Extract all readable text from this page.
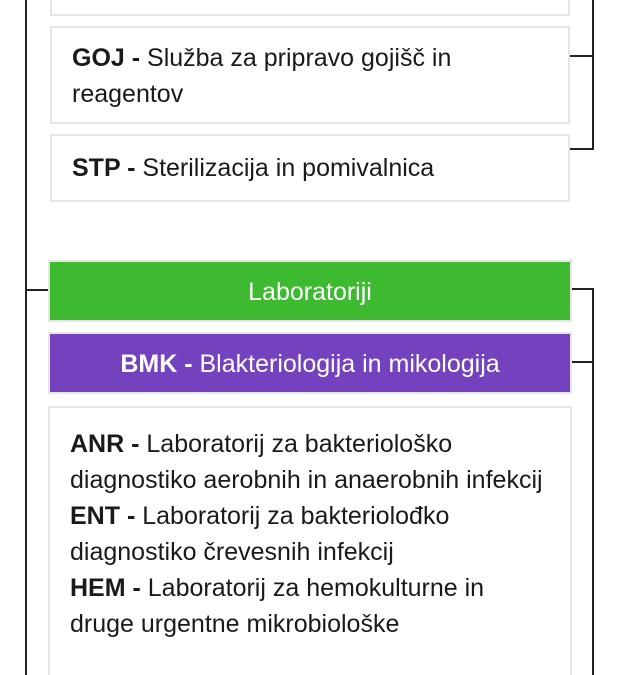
GOJ - Služba za pripravo gojišč in reagentov
STP - Sterilizacija in pomivalnica
Laboratoriji
BMK - Blakteriologija in mikologija
ANR - Laboratorij za bakteriološko diagnostiko aerobnih in anaerobnih infekcij
ENT - Laboratorij za bakteriolođko diagnostiko črevesnih infekcij
HEM - Laboratorij za hemokulturne in druge urgentne mikrobiološke
